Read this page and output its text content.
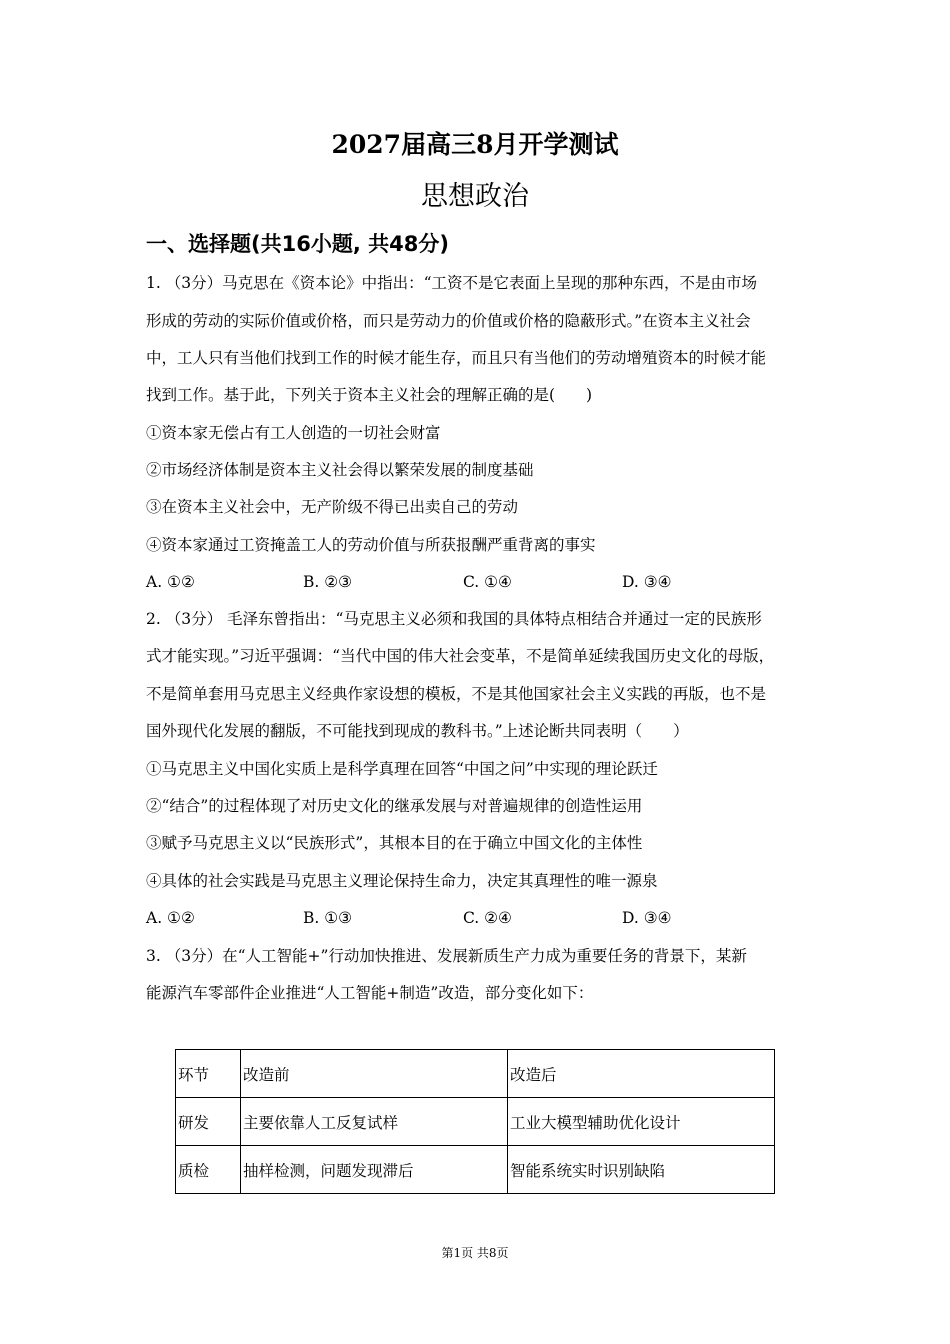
2027届高三8月开学测试
思想政治
一、选择题(共16小题, 共48分)
1. （3分）马克思在《资本论》中指出：“工资不是它表面上呈现的那种东西，不是由市场
形成的劳动的实际价值或价格，而只是劳动力的价值或价格的隐蔽形式。”在资本主义社会
中，工人只有当他们找到工作的时候才能生存，而且只有当他们的劳动增殖资本的时候才能
找到工作。基于此，下列关于资本主义社会的理解正确的是(　　)
①资本家无偿占有工人创造的一切社会财富
②市场经济体制是资本主义社会得以繁荣发展的制度基础
③在资本主义社会中，无产阶级不得已出卖自己的劳动
④资本家通过工资掩盖工人的劳动价值与所获报酬严重背离的事实
A. ①②	B. ②③	C. ①④	D. ③④
2. （3分） 毛泽东曾指出：“马克思主义必须和我国的具体特点相结合并通过一定的民族形
式才能实现。”习近平强调：“当代中国的伟大社会变革，不是简单延续我国历史文化的母版，
不是简单套用马克思主义经典作家设想的模板，不是其他国家社会主义实践的再版，也不是
国外现代化发展的翻版，不可能找到现成的教科书。”上述论断共同表明（　　）
①马克思主义中国化实质上是科学真理在回答“中国之问”中实现的理论跃迁
②“结合”的过程体现了对历史文化的继承发展与对普遍规律的创造性运用
③赋予马克思主义以“民族形式”，其根本目的在于确立中国文化的主体性
④具体的社会实践是马克思主义理论保持生命力，决定其真理性的唯一源泉
A. ①②	B. ①③	C. ②④	D. ③④
3. （3分）在“人工智能+”行动加快推进、发展新质生产力成为重要任务的背景下，某新
能源汽车零部件企业推进“人工智能+制造”改造，部分变化如下：
环节	改造前	改造后
研发	主要依靠人工反复试样	工业大模型辅助优化设计
质检	抽样检测，问题发现滞后	智能系统实时识别缺陷
第1页 共8页
